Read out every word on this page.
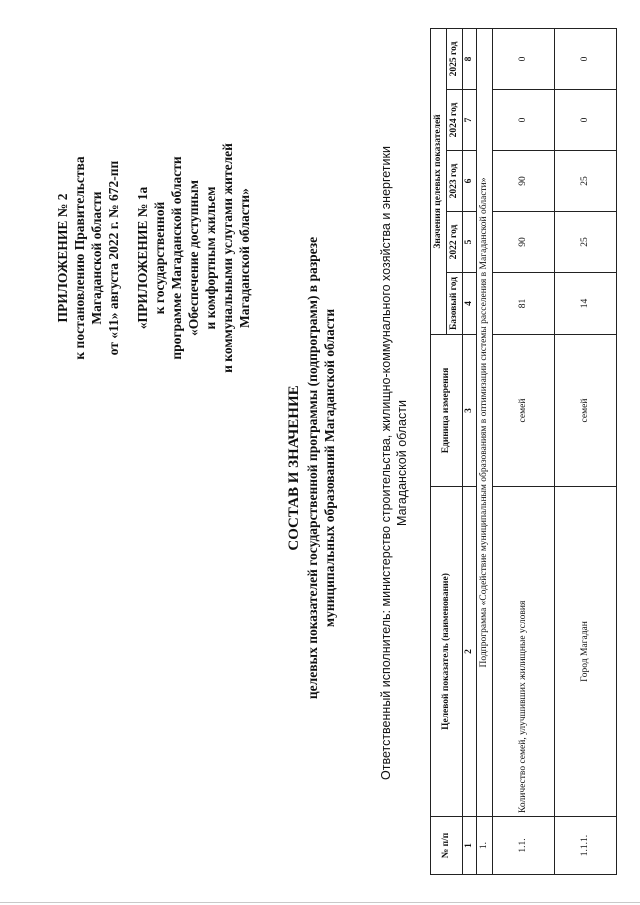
ПРИЛОЖЕНИЕ № 2 к постановлению Правительства Магаданской области от «11» августа 2022 г. № 672-пп «ПРИЛОЖЕНИЕ № 1а к государственной программе Магаданской области «Обеспечение доступным и комфортным жильем и коммунальными услугами жителей Магаданской области»
СОСТАВ И ЗНАЧЕНИЕ целевых показателей государственной программы (подпрограмм) в разрезе муниципальных образований Магаданской области	Ответственный исполнитель: министерство строительства, жилищно-коммунального хозяйства и энергетики Магаданской области
№ п/п	Целевой показатель (наименование)	Единица измерения	Значения целевых показателей				
			Базовый год	2022 год	2023 год	2024 год	2025 год
1	2	3	4	5	6	7	8
1.	Подпрограмма «Содействие муниципальным образованиям в оптимизации системы расселения в Магаданской области»						
1.1.	Количество семей, улучшивших жилищные условия	семей	81	90	90	0	0
1.1.1.	Город Магадан	семей	14	25	25	0	0
